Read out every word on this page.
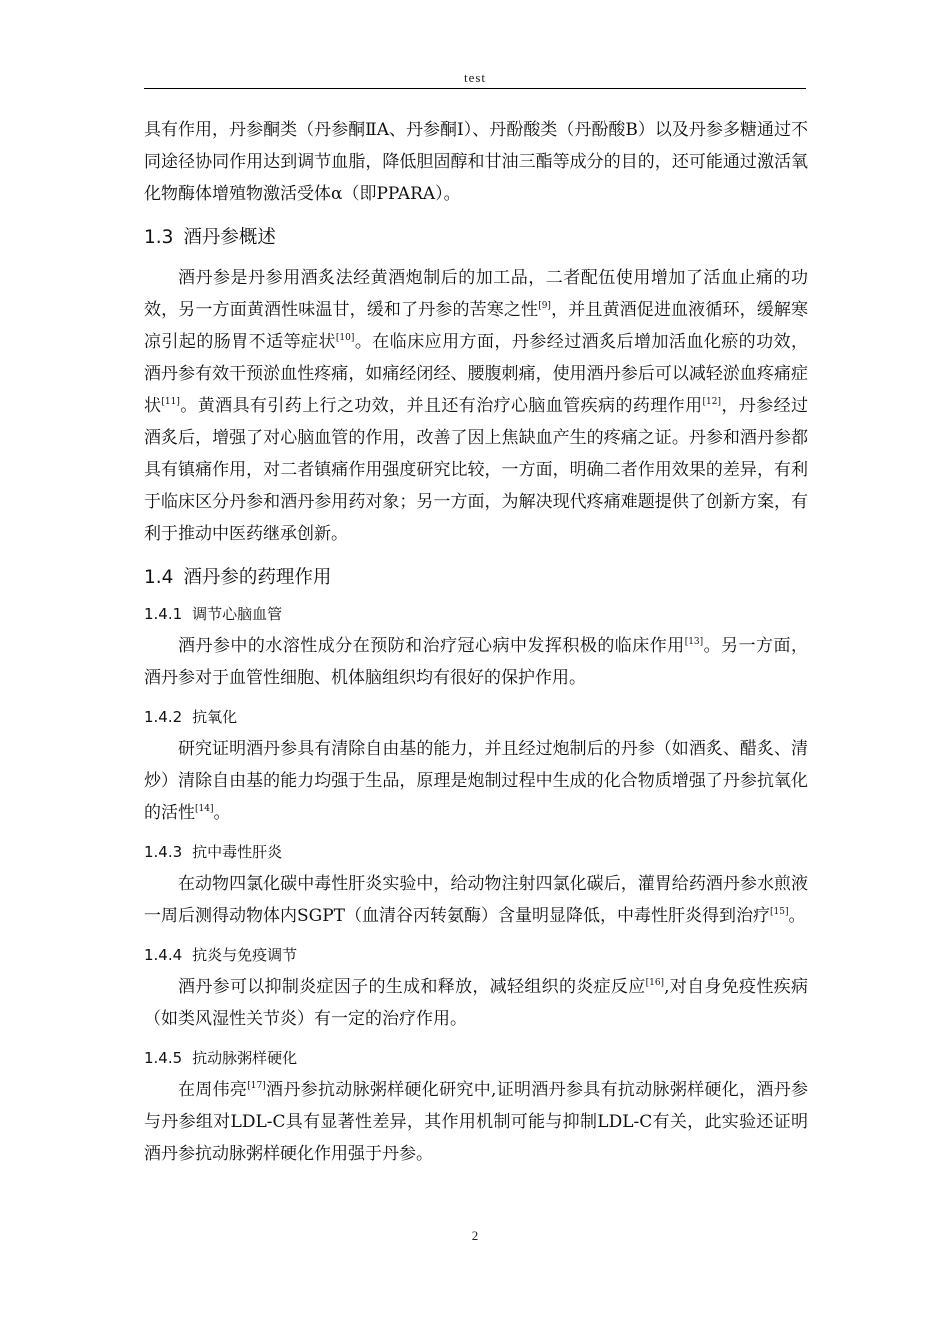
test

具有作用，丹参酮类（丹参酮ⅡA、丹参酮Ⅰ）、丹酚酸类（丹酚酸B）以及丹参多糖通过不同途径协同作用达到调节血脂，降低胆固醇和甘油三酯等成分的目的，还可能通过激活氧化物酶体增殖物激活受体α（即PPARA）。

1.3 酒丹参概述

酒丹参是丹参用酒炙法经黄酒炮制后的加工品，二者配伍使用增加了活血止痛的功效，另一方面黄酒性味温甘，缓和了丹参的苦寒之性[9]，并且黄酒促进血液循环，缓解寒凉引起的肠胃不适等症状[10]。在临床应用方面，丹参经过酒炙后增加活血化瘀的功效，酒丹参有效干预淤血性疼痛，如痛经闭经、腰腹刺痛，使用酒丹参后可以减轻淤血疼痛症状[11]。黄酒具有引药上行之功效，并且还有治疗心脑血管疾病的药理作用[12]，丹参经过酒炙后，增强了对心脑血管的作用，改善了因上焦缺血产生的疼痛之证。丹参和酒丹参都具有镇痛作用，对二者镇痛作用强度研究比较，一方面，明确二者作用效果的差异，有利于临床区分丹参和酒丹参用药对象；另一方面，为解决现代疼痛难题提供了创新方案，有利于推动中医药继承创新。

1.4 酒丹参的药理作用
1.4.1 调节心脑血管

酒丹参中的水溶性成分在预防和治疗冠心病中发挥积极的临床作用[13]。另一方面，酒丹参对于血管性细胞、机体脑组织均有很好的保护作用。

1.4.2 抗氧化

研究证明酒丹参具有清除自由基的能力，并且经过炮制后的丹参（如酒炙、醋炙、清炒）清除自由基的能力均强于生品，原理是炮制过程中生成的化合物质增强了丹参抗氧化的活性[14]。

1.4.3 抗中毒性肝炎

在动物四氯化碳中毒性肝炎实验中，给动物注射四氯化碳后，灌胃给药酒丹参水煎液一周后测得动物体内SGPT（血清谷丙转氨酶）含量明显降低，中毒性肝炎得到治疗[15]。

1.4.4 抗炎与免疫调节

酒丹参可以抑制炎症因子的生成和释放，减轻组织的炎症反应[16],对自身免疫性疾病（如类风湿性关节炎）有一定的治疗作用。

1.4.5 抗动脉粥样硬化

在周伟亮[17]酒丹参抗动脉粥样硬化研究中,证明酒丹参具有抗动脉粥样硬化，酒丹参与丹参组对LDL-C具有显著性差异，其作用机制可能与抑制LDL-C有关，此实验还证明酒丹参抗动脉粥样硬化作用强于丹参。

2
